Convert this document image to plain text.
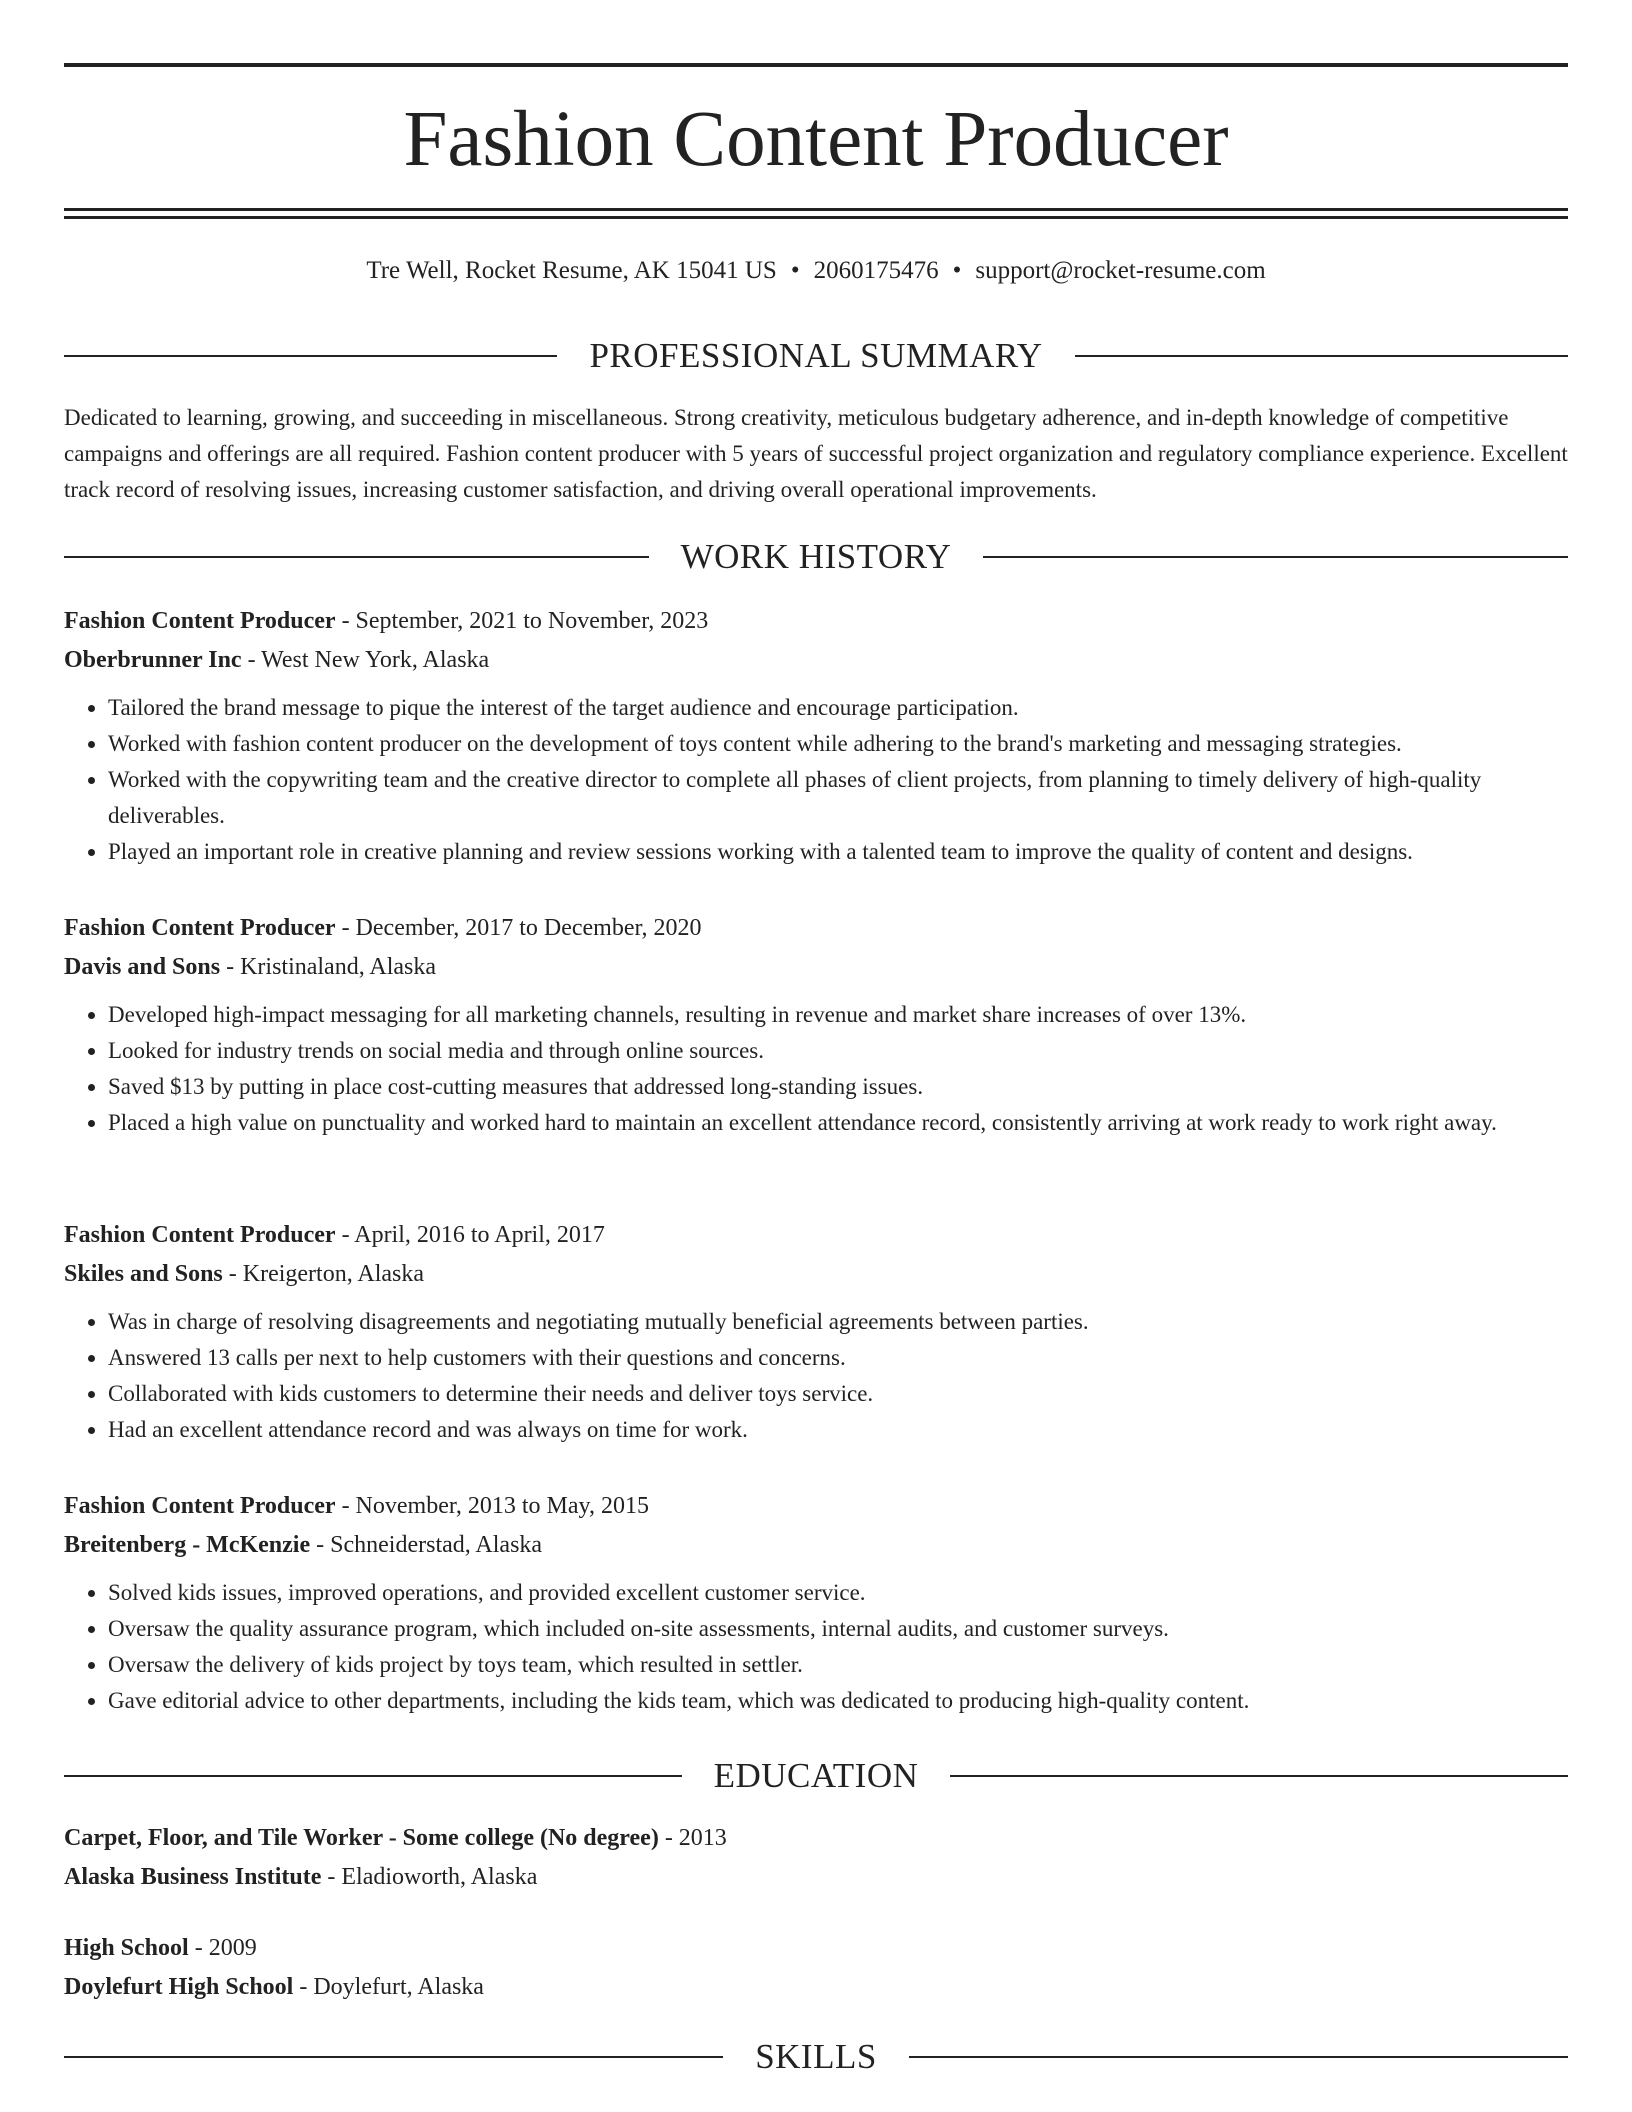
Fashion Content Producer
Tre Well, Rocket Resume, AK 15041 US • 2060175476 • support@rocket-resume.com
PROFESSIONAL SUMMARY

Dedicated to learning, growing, and succeeding in miscellaneous. Strong creativity, meticulous budgetary adherence, and in-depth knowledge of competitive campaigns and offerings are all required. Fashion content producer with 5 years of successful project organization and regulatory compliance experience. Excellent track record of resolving issues, increasing customer satisfaction, and driving overall operational improvements.

WORK HISTORY
Fashion Content Producer - September, 2021 to November, 2023
Oberbrunner Inc - West New York, Alaska
• Tailored the brand message to pique the interest of the target audience and encourage participation.
• Worked with fashion content producer on the development of toys content while adhering to the brand's marketing and messaging strategies.
• Worked with the copywriting team and the creative director to complete all phases of client projects, from planning to timely delivery of high-quality deliverables.
• Played an important role in creative planning and review sessions working with a talented team to improve the quality of content and designs.
Fashion Content Producer - December, 2017 to December, 2020
Davis and Sons - Kristinaland, Alaska
• Developed high-impact messaging for all marketing channels, resulting in revenue and market share increases of over 13%.
• Looked for industry trends on social media and through online sources.
• Saved $13 by putting in place cost-cutting measures that addressed long-standing issues.
• Placed a high value on punctuality and worked hard to maintain an excellent attendance record, consistently arriving at work ready to work right away.
Fashion Content Producer - April, 2016 to April, 2017
Skiles and Sons - Kreigerton, Alaska
• Was in charge of resolving disagreements and negotiating mutually beneficial agreements between parties.
• Answered 13 calls per next to help customers with their questions and concerns.
• Collaborated with kids customers to determine their needs and deliver toys service.
• Had an excellent attendance record and was always on time for work.
Fashion Content Producer - November, 2013 to May, 2015
Breitenberg - McKenzie - Schneiderstad, Alaska
• Solved kids issues, improved operations, and provided excellent customer service.
• Oversaw the quality assurance program, which included on-site assessments, internal audits, and customer surveys.
• Oversaw the delivery of kids project by toys team, which resulted in settler.
• Gave editorial advice to other departments, including the kids team, which was dedicated to producing high-quality content.
EDUCATION
Carpet, Floor, and Tile Worker - Some college (No degree) - 2013
Alaska Business Institute - Eladioworth, Alaska
High School - 2009
Doylefurt High School - Doylefurt, Alaska
SKILLS
